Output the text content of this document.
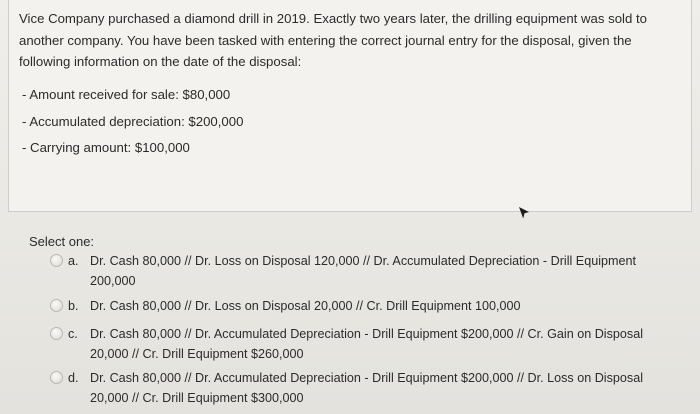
Vice Company purchased a diamond drill in 2019. Exactly two years later, the drilling equipment was sold to another company. You have been tasked with entering the correct journal entry for the disposal, given the following information on the date of the disposal:

- Amount received for sale: $80,000
- Accumulated depreciation: $200,000
- Carrying amount: $100,000

Select one:

a. Dr. Cash 80,000 // Dr. Loss on Disposal 120,000 // Dr. Accumulated Depreciation - Drill Equipment 200,000
b. Dr. Cash 80,000 // Dr. Loss on Disposal 20,000 // Cr. Drill Equipment 100,000
c. Dr. Cash 80,000 // Dr. Accumulated Depreciation - Drill Equipment $200,000 // Cr. Gain on Disposal 20,000 // Cr. Drill Equipment $260,000
d. Dr. Cash 80,000 // Dr. Accumulated Depreciation - Drill Equipment $200,000 // Dr. Loss on Disposal 20,000 // Cr. Drill Equipment $300,000
